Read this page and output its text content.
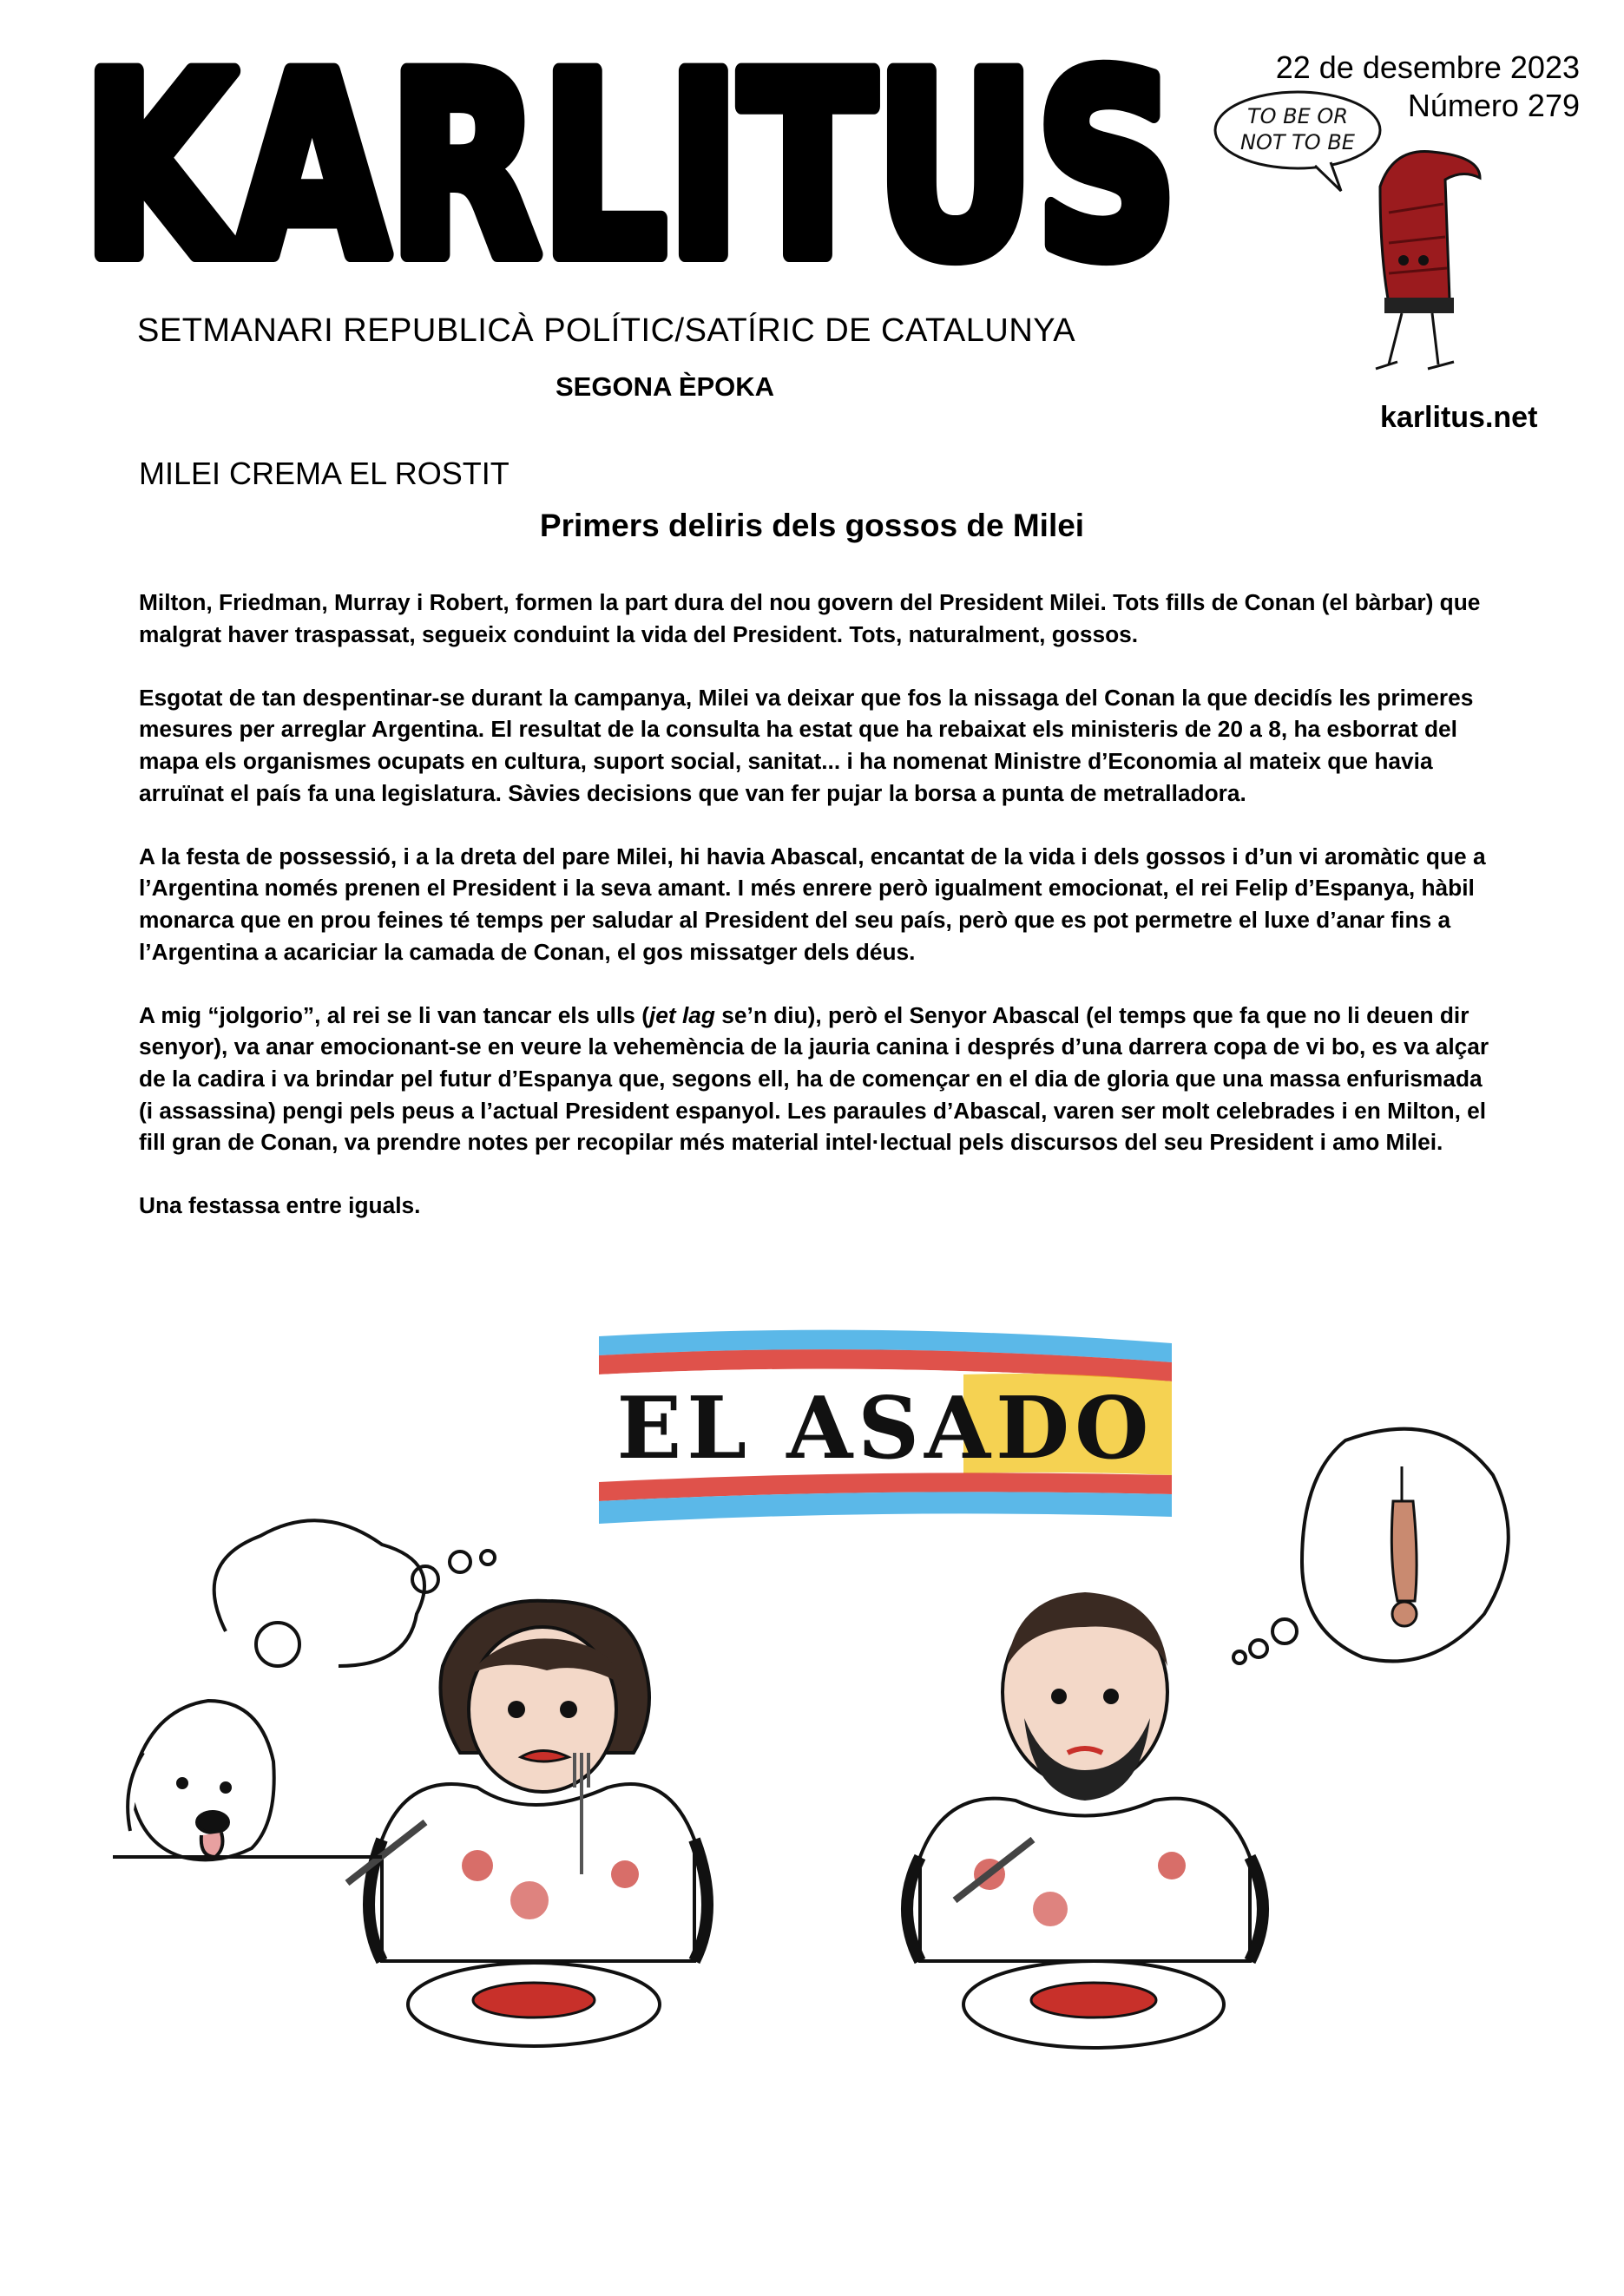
KARLITUS
SETMANARI REPUBLICÀ POLÍTIC/SATÍRIC DE CATALUNYA
SEGONA ÈPOKA
22 de desembre 2023
Número 279
TO BE OR
NOT TO BE
karlitus.net
MILEI CREMA EL ROSTIT
Primers deliris dels gossos de Milei

Milton, Friedman, Murray i Robert, formen la part dura del nou govern del President Milei. Tots fills de Conan (el bàrbar) que malgrat haver traspassat, segueix conduint la vida del President. Tots, naturalment, gossos.

Esgotat de tan despentinar-se durant la campanya, Milei va deixar que fos la nissaga del Conan la que decidís les primeres mesures per arreglar Argentina. El resultat de la consulta ha estat que ha rebaixat els ministeris de 20 a 8, ha esborrat del mapa els organismes ocupats en cultura, suport social, sanitat... i ha nomenat Ministre d’Economia al mateix que havia arruïnat el país fa una legislatura. Sàvies decisions que van fer pujar la borsa a punta de metralladora.

A la festa de possessió, i a la dreta del pare Milei, hi havia Abascal, encantat de la vida i dels gossos i d’un vi aromàtic que a l’Argentina només prenen el President i la seva amant. I més enrere però igualment emocionat, el rei Felip d’Espanya, hàbil monarca que en prou feines té temps per saludar al President del seu país, però que es pot permetre el luxe d’anar fins a l’Argentina a acariciar la camada de Conan, el gos missatger dels déus.

A mig “jolgorio”, al rei se li van tancar els ulls (jet lag se’n diu), però el Senyor Abascal (el temps que fa que no li deuen dir senyor), va anar emocionant-se en veure la vehemència de la jauria canina i després d’una darrera copa de vi bo, es va alçar de la cadira i va brindar pel futur d’Espanya que, segons ell, ha de començar en el dia de gloria que una massa enfurismada (i assassina) pengi pels peus a l’actual President espanyol. Les paraules d’Abascal, varen ser molt celebrades i en Milton, el fill gran de Conan, va prendre notes per recopilar més material intel·lectual pels discursos del seu President i amo Milei.

Una festassa entre iguals.

EL ASADO
